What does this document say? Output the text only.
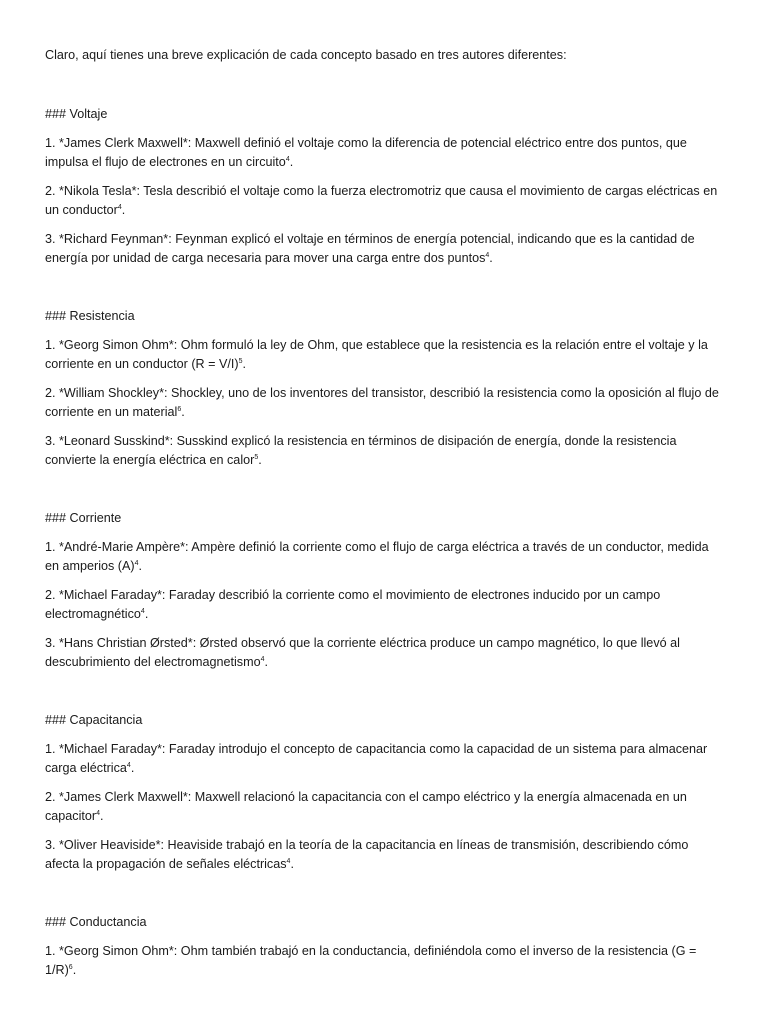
Claro, aquí tienes una breve explicación de cada concepto basado en tres autores diferentes:

### Voltaje

1. *James Clerk Maxwell*: Maxwell definió el voltaje como la diferencia de potencial eléctrico entre dos puntos, que impulsa el flujo de electrones en un circuito$^4$.

2. *Nikola Tesla*: Tesla describió el voltaje como la fuerza electromotriz que causa el movimiento de cargas eléctricas en un conductor$^4$.

3. *Richard Feynman*: Feynman explicó el voltaje en términos de energía potencial, indicando que es la cantidad de energía por unidad de carga necesaria para mover una carga entre dos puntos$^4$.

### Resistencia

1. *Georg Simon Ohm*: Ohm formuló la ley de Ohm, que establece que la resistencia es la relación entre el voltaje y la corriente en un conductor (R = V/I)$^5$.

2. *William Shockley*: Shockley, uno de los inventores del transistor, describió la resistencia como la oposición al flujo de corriente en un material$^6$.

3. *Leonard Susskind*: Susskind explicó la resistencia en términos de disipación de energía, donde la resistencia convierte la energía eléctrica en calor$^5$.

### Corriente

1. *André-Marie Ampère*: Ampère definió la corriente como el flujo de carga eléctrica a través de un conductor, medida en amperios $(A)^4$.

2. *Michael Faraday*: Faraday describió la corriente como el movimiento de electrones inducido por un campo electromagnético$^4$.

3. *Hans Christian Ørsted*: Ørsted observó que la corriente eléctrica produce un campo magnético, lo que llevó al descubrimiento del electromagnetismo$^4$.

### Capacitancia

1. *Michael Faraday*: Faraday introdujo el concepto de capacitancia como la capacidad de un sistema para almacenar carga eléctrica$^4$.

2. *James Clerk Maxwell*: Maxwell relacionó la capacitancia con el campo eléctrico y la energía almacenada en un capacitor$^4$.

3. *Oliver Heaviside*: Heaviside trabajó en la teoría de la capacitancia en líneas de transmisión, describiendo cómo afecta la propagación de señales eléctricas$^4$.

### Conductancia

1. *Georg Simon Ohm*: Ohm también trabajó en la conductancia, definiéndola como el inverso de la resistencia (G = 1/R)$^6$.
